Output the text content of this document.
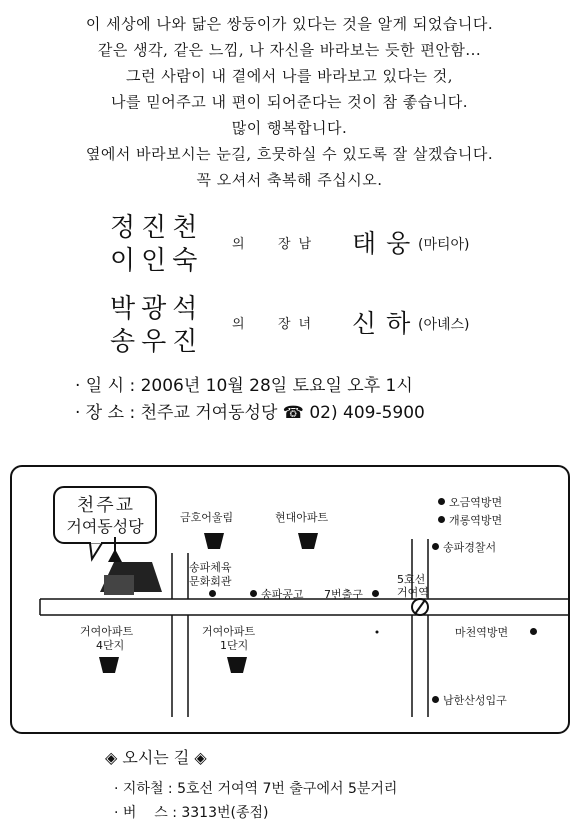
이 세상에 나와 닮은 쌍둥이가 있다는 것을 알게 되었습니다.
같은 생각, 같은 느낌, 나 자신을 바라보는 듯한 편안함...
그런 사람이 내 곁에서 나를 바라보고 있다는 것,
나를 믿어주고 내 편이 되어준다는 것이 참 좋습니다.
많이 행복합니다.
옆에서 바라보시는 눈길, 흐뭇하실 수 있도록 잘 살겠습니다.
꼭 오셔서 축복해 주십시오.
정진천
이인숙
의	장남 태웅
(마티아)
박광석
송우진
의	장녀 신하
(아녜스)
· 일 시 : 2006년 10월 28일 토요일 오후 1시
· 장 소 : 천주교 거여동성당 ☎ 02) 409-5900
천주교
거여동성당	금호어울림	현대아파트
오금역방면
개롱역방면
송파경찰서
송파체육
문화회관
송파공고 7번출구
5호선
거여역
거여아파트
4단지
거여아파트
1단지
마천역방면
남한산성입구
◈ 오시는 길 ◈
· 지하철 : 5호선 거여역 7번 출구에서 5분거리
· 버    스 : 3313번(종점)
